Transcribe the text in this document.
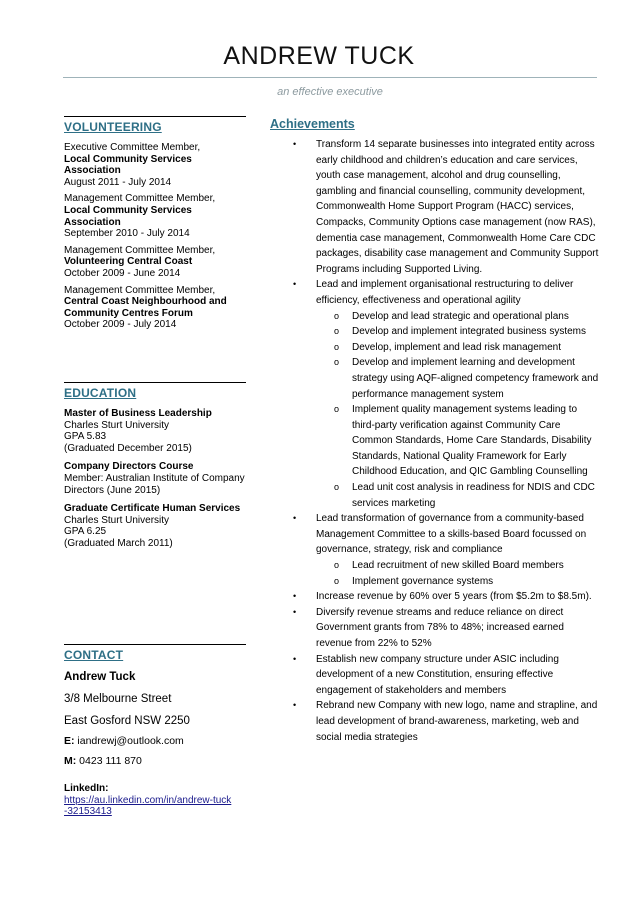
ANDREW TUCK
an effective executive
VOLUNTEERING
Executive Committee Member,
Local Community Services Association
August 2011 - July 2014
Management Committee Member,
Local Community Services Association
September 2010 - July 2014
Management Committee Member,
Volunteering Central Coast
October 2009 - June 2014
Management Committee Member,
Central Coast Neighbourhood and Community Centres Forum
October 2009 - July 2014
EDUCATION
Master of Business Leadership
Charles Sturt University
GPA 5.83
(Graduated December 2015)
Company Directors Course
Member: Australian Institute of Company Directors (June 2015)
Graduate Certificate Human Services
Charles Sturt University
GPA 6.25
(Graduated March 2011)
CONTACT
Andrew Tuck
3/8 Melbourne Street
East Gosford NSW 2250
E: iandrewj@outlook.com
M: 0423 111 870
LinkedIn:
https://au.linkedin.com/in/andrew-tuck-32153413
Achievements
• Transform 14 separate businesses into integrated entity across early childhood and children’s education and care services, youth case management, alcohol and drug counselling, gambling and financial counselling, community development, Commonwealth Home Support Program (HACC) services, Compacks, Community Options case management (now RAS), dementia case management, Commonwealth Home Care CDC packages, disability case management and Community Support Programs including Supported Living.
• Lead and implement organisational restructuring to deliver efficiency, effectiveness and operational agility
o Develop and lead strategic and operational plans
o Develop and implement integrated business systems
o Develop, implement and lead risk management
o Develop and implement learning and development strategy using AQF-aligned competency framework and performance management system
o Implement quality management systems leading to third-party verification against Community Care Common Standards, Home Care Standards, Disability Standards, National Quality Framework for Early Childhood Education, and QIC Gambling Counselling
o Lead unit cost analysis in readiness for NDIS and CDC services marketing
• Lead transformation of governance from a community-based Management Committee to a skills-based Board focussed on governance, strategy, risk and compliance
o Lead recruitment of new skilled Board members
o Implement governance systems
• Increase revenue by 60% over 5 years (from $5.2m to $8.5m).
• Diversify revenue streams and reduce reliance on direct Government grants from 78% to 48%; increased earned revenue from 22% to 52%
• Establish new company structure under ASIC including development of a new Constitution, ensuring effective engagement of stakeholders and members
• Rebrand new Company with new logo, name and strapline, and lead development of brand-awareness, marketing, web and social media strategies
